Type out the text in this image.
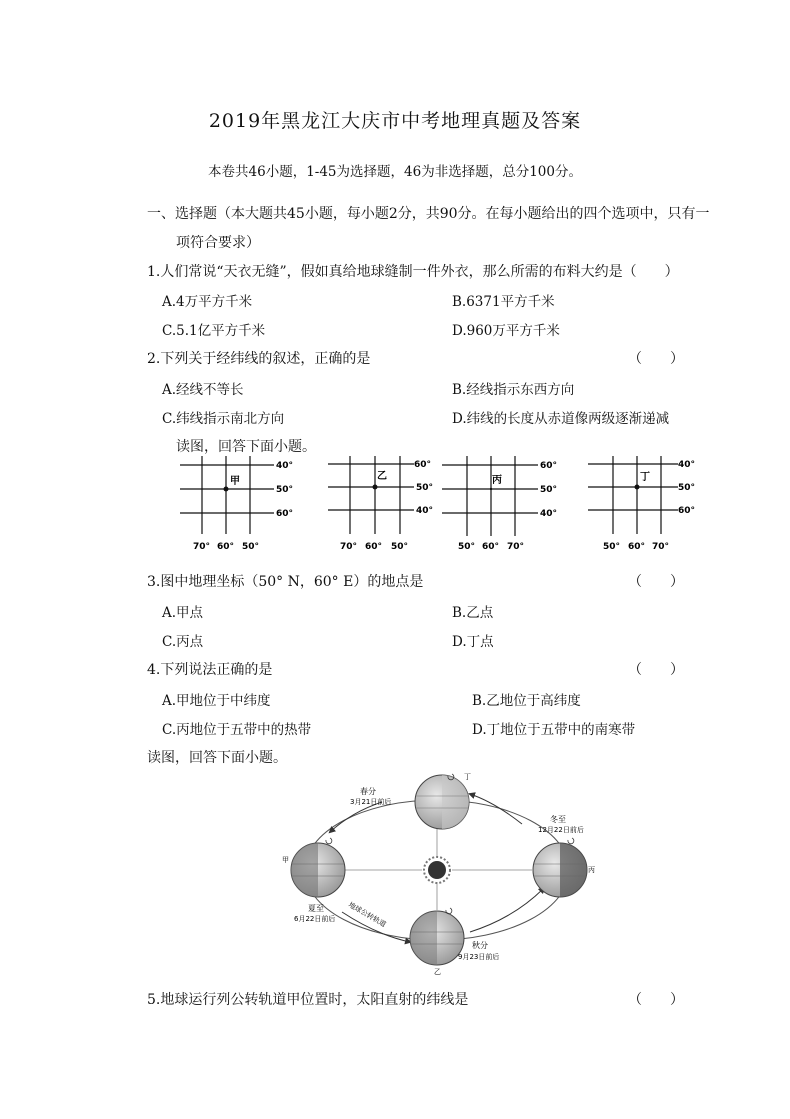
2019年黑龙江大庆市中考地理真题及答案
本卷共46小题，1-45为选择题，46为非选择题，总分100分。
一、选择题（本大题共45小题，每小题2分，共90分。在每小题给出的四个选项中，只有一
项符合要求）
1.人们常说“天衣无缝”，假如真给地球缝制一件外衣，那么所需的布料大约是（　　）
A.4万平方千米	B.6371平方千米
C.5.1亿平方千米	D.960万平方千米
2.下列关于经纬线的叙述，正确的是	（　　）
A.经线不等长	B.经线指示东西方向
C.纬线指示南北方向	D.纬线的长度从赤道像两级逐渐递减
读图，回答下面小题。
甲
40°
50°
60°
70° 60° 50°
乙
60°
50°
40°
70° 60° 50°
丙
60°
50°
40°
50° 60° 70°
丁
40°
50°
60°
50° 60° 70°
3.图中地理坐标（50° N，60° E）的地点是	（　　）
A.甲点	B.乙点
C.丙点	D.丁点
4.下列说法正确的是	（　　）
A.甲地位于中纬度	B.乙地位于高纬度
C.丙地位于五带中的热带	D.丁地位于五带中的南寒带
读图，回答下面小题。
春分
3月21日前后
丁
甲
夏至
6月22日前后
冬至
12月22日前后
丙
秋分
9月23日前后
乙
地球公转轨道
5.地球运行列公转轨道甲位置时，太阳直射的纬线是	（　　）
